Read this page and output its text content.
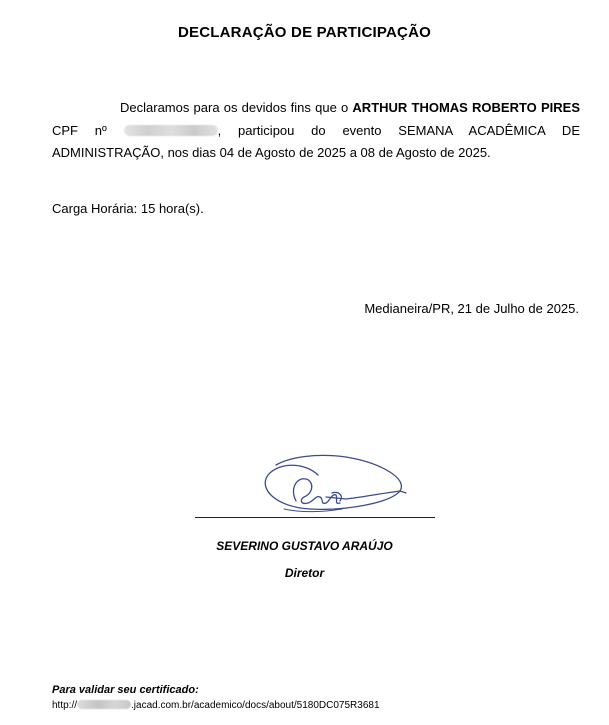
DECLARAÇÃO DE PARTICIPAÇÃO
Declaramos para os devidos fins que o ARTHUR THOMAS ROBERTO PIRES CPF nº	, participou do evento SEMANA ACADÊMICA DE ADMINISTRAÇÃO, nos dias 04 de Agosto de 2025 a 08 de Agosto de 2025.
Carga Horária: 15 hora(s).
Medianeira/PR, 21 de Julho de 2025.
SEVERINO GUSTAVO ARAÚJO
Diretor
Para validar seu certificado:
http://	.jacad.com.br/academico/docs/about/5180DC075R3681
